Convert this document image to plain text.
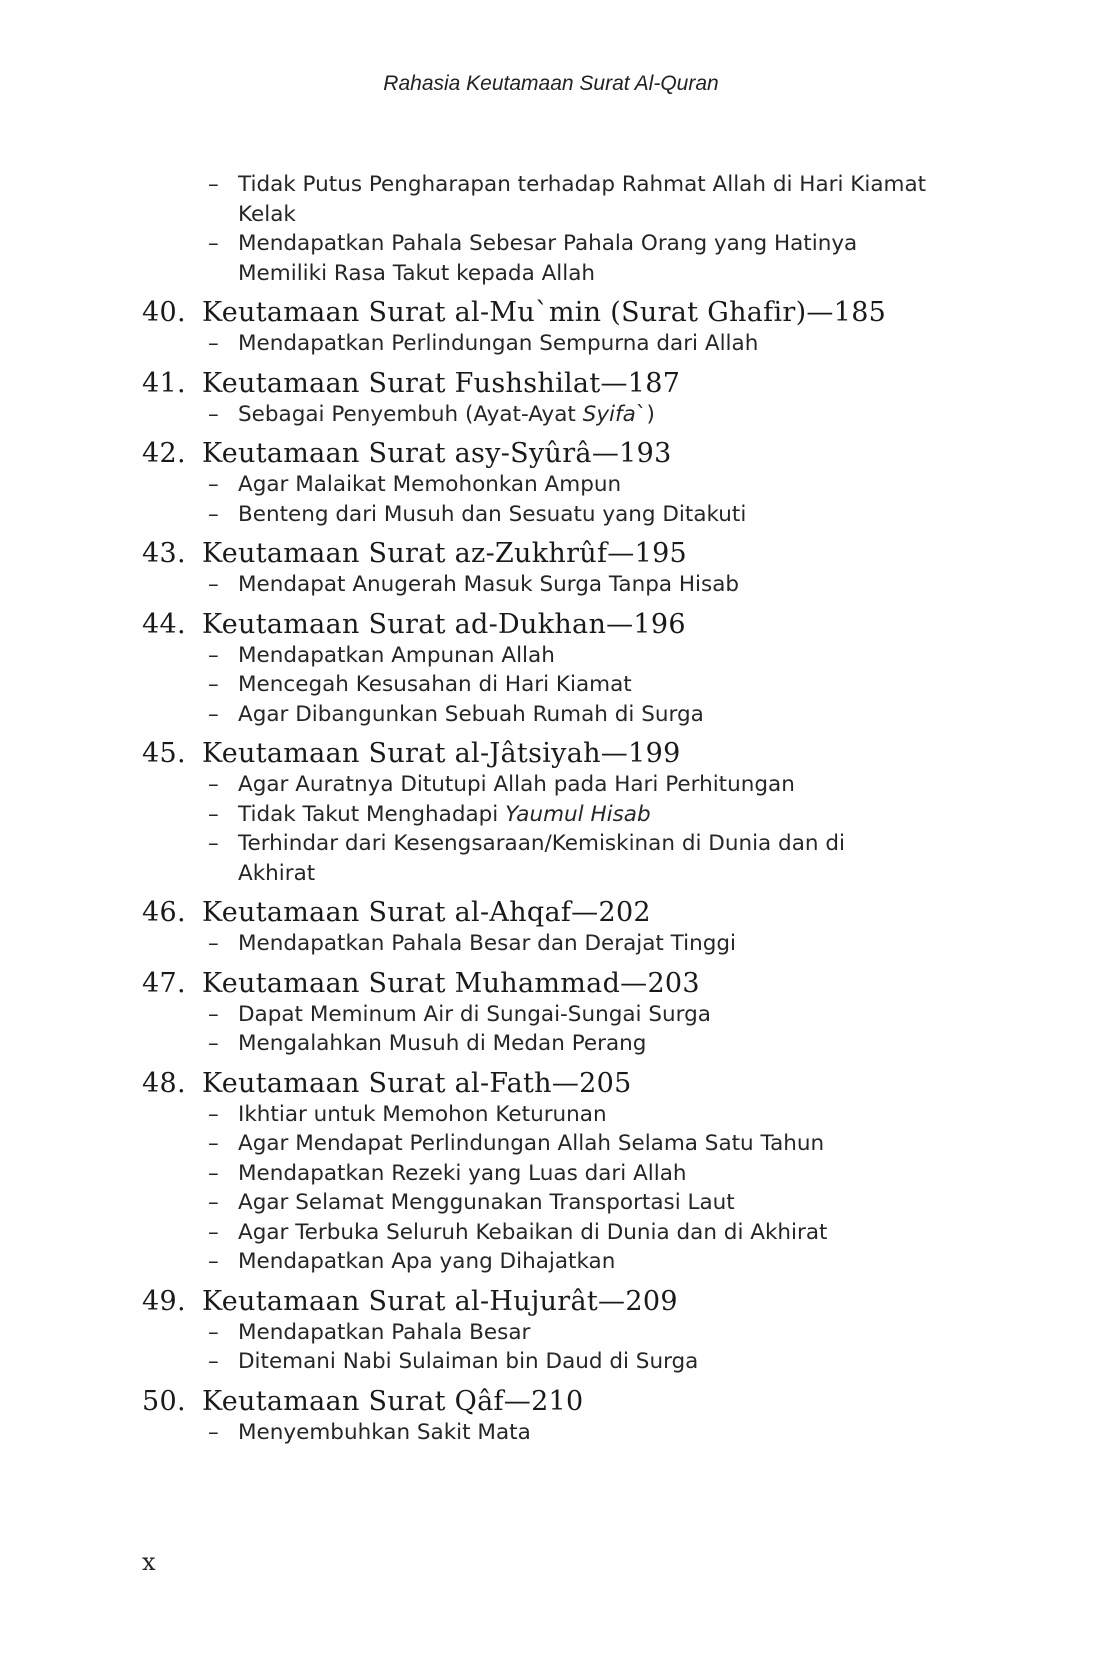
Rahasia Keutamaan Surat Al-Quran
– Tidak Putus Pengharapan terhadap Rahmat Allah di Hari Kiamat Kelak
– Mendapatkan Pahala Sebesar Pahala Orang yang Hatinya Memiliki Rasa Takut kepada Allah
40. Keutamaan Surat al-Mu`min (Surat Ghafir)—185
– Mendapatkan Perlindungan Sempurna dari Allah
41. Keutamaan Surat Fushshilat—187
– Sebagai Penyembuh (Ayat-Ayat Syifa`)
42. Keutamaan Surat asy-Syûrâ—193
– Agar Malaikat Memohonkan Ampun
– Benteng dari Musuh dan Sesuatu yang Ditakuti
43. Keutamaan Surat az-Zukhrûf—195
– Mendapat Anugerah Masuk Surga Tanpa Hisab
44. Keutamaan Surat ad-Dukhan—196
– Mendapatkan Ampunan Allah
– Mencegah Kesusahan di Hari Kiamat
– Agar Dibangunkan Sebuah Rumah di Surga
45. Keutamaan Surat al-Jâtsiyah—199
– Agar Auratnya Ditutupi Allah pada Hari Perhitungan
– Tidak Takut Menghadapi Yaumul Hisab
– Terhindar dari Kesengsaraan/Kemiskinan di Dunia dan di Akhirat
46. Keutamaan Surat al-Ahqaf—202
– Mendapatkan Pahala Besar dan Derajat Tinggi
47. Keutamaan Surat Muhammad—203
– Dapat Meminum Air di Sungai-Sungai Surga
– Mengalahkan Musuh di Medan Perang
48. Keutamaan Surat al-Fath—205
– Ikhtiar untuk Memohon Keturunan
– Agar Mendapat Perlindungan Allah Selama Satu Tahun
– Mendapatkan Rezeki yang Luas dari Allah
– Agar Selamat Menggunakan Transportasi Laut
– Agar Terbuka Seluruh Kebaikan di Dunia dan di Akhirat
– Mendapatkan Apa yang Dihajatkan
49. Keutamaan Surat al-Hujurât—209
– Mendapatkan Pahala Besar
– Ditemani Nabi Sulaiman bin Daud di Surga
50. Keutamaan Surat Qâf—210
– Menyembuhkan Sakit Mata
x
